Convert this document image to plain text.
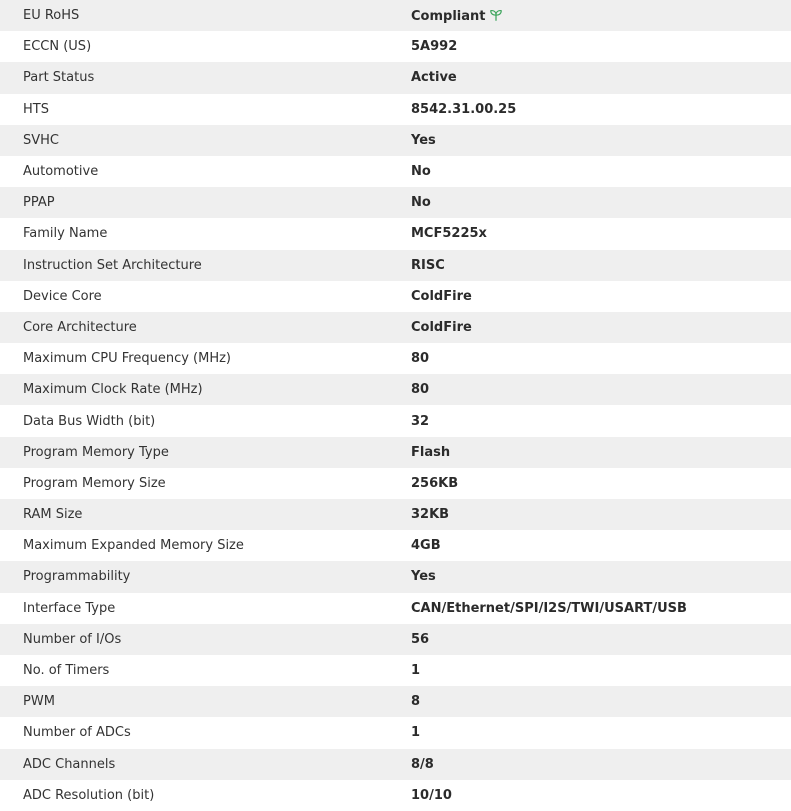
EU RoHS	Compliant
ECCN (US)	5A992
Part Status	Active
HTS	8542.31.00.25
SVHC	Yes
Automotive	No
PPAP	No
Family Name	MCF5225x
Instruction Set Architecture	RISC
Device Core	ColdFire
Core Architecture	ColdFire
Maximum CPU Frequency (MHz)	80
Maximum Clock Rate (MHz)	80
Data Bus Width (bit)	32
Program Memory Type	Flash
Program Memory Size	256KB
RAM Size	32KB
Maximum Expanded Memory Size	4GB
Programmability	Yes
Interface Type	CAN/Ethernet/SPI/I2S/TWI/USART/USB
Number of I/Os	56
No. of Timers	1
PWM	8
Number of ADCs	1
ADC Channels	8/8
ADC Resolution (bit)	10/10
